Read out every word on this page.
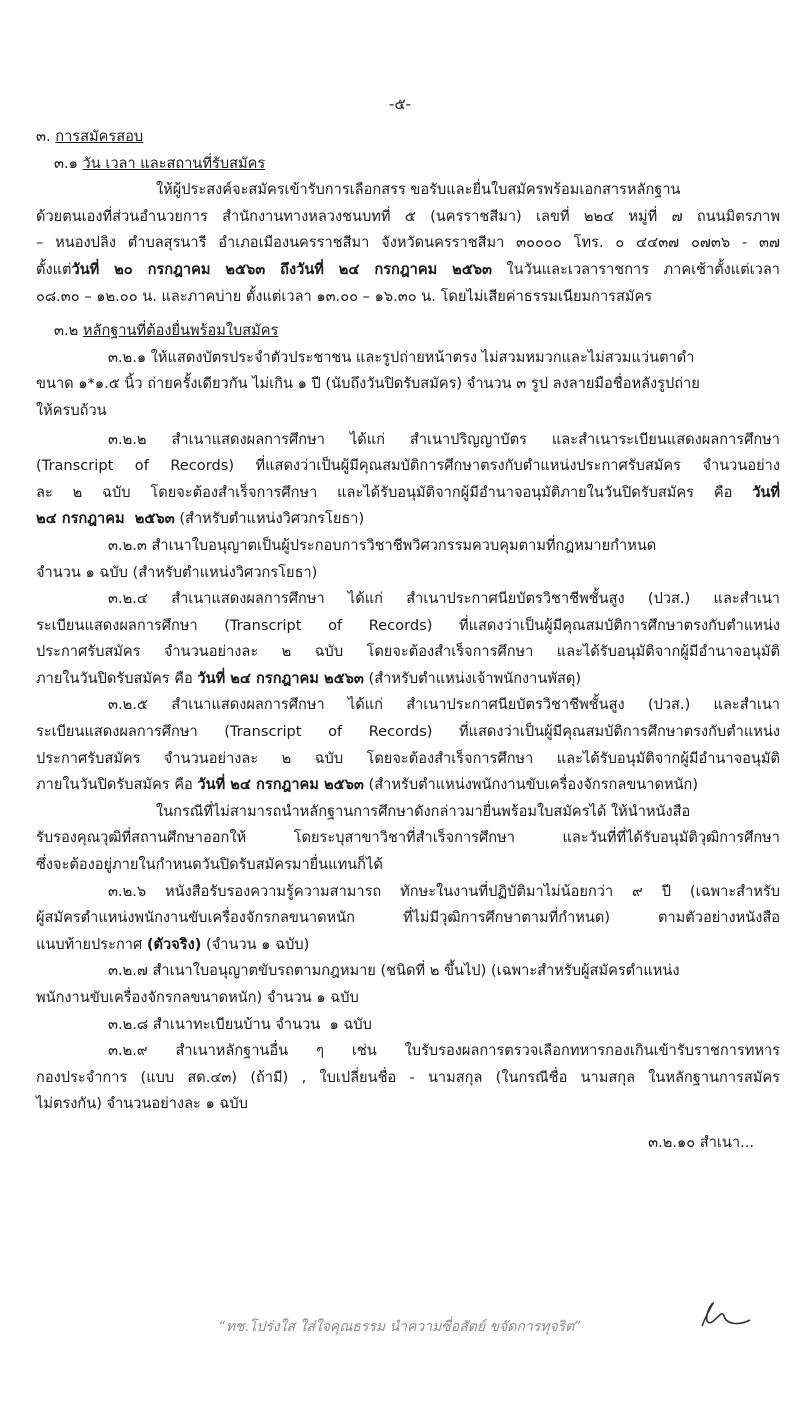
-๕-
๓. การสมัครสอบ
๓.๑ วัน เวลา และสถานที่รับสมัคร
ให้ผู้ประสงค์จะสมัครเข้ารับการเลือกสรร ขอรับและยื่นใบสมัครพร้อมเอกสารหลักฐาน
ด้วยตนเองที่ส่วนอำนวยการ สำนักงานทางหลวงชนบทที่ ๕ (นครราชสีมา) เลขที่ ๒๒๔ หมู่ที่ ๗ ถนนมิตรภาพ
– หนองปลิง ตำบลสุรนารี อำเภอเมืองนครราชสีมา จังหวัดนครราชสีมา ๓๐๐๐๐ โทร. ๐ ๔๔๓๗ ๐๗๓๖ - ๓๗
ตั้งแต่วันที่ ๒๐ กรกฎาคม ๒๕๖๓ ถึงวันที่ ๒๔ กรกฎาคม ๒๕๖๓ ในวันและเวลาราชการ ภาคเช้าตั้งแต่เวลา
๐๘.๓๐ – ๑๒.๐๐ น. และภาคบ่าย ตั้งแต่เวลา ๑๓.๐๐ – ๑๖.๓๐ น. โดยไม่เสียค่าธรรมเนียมการสมัคร
๓.๒ หลักฐานที่ต้องยื่นพร้อมใบสมัคร
๓.๒.๑ ให้แสดงบัตรประจำตัวประชาชน และรูปถ่ายหน้าตรง ไม่สวมหมวกและไม่สวมแว่นตาดำ
ขนาด ๑*๑.๕ นิ้ว ถ่ายครั้งเดียวกัน ไม่เกิน ๑ ปี (นับถึงวันปิดรับสมัคร) จำนวน ๓ รูป ลงลายมือชื่อหลังรูปถ่าย
ให้ครบถ้วน
๓.๒.๒ สำเนาแสดงผลการศึกษา ได้แก่ สำเนาปริญญาบัตร และสำเนาระเบียนแสดงผลการศึกษา
(Transcript of Records) ที่แสดงว่าเป็นผู้มีคุณสมบัติการศึกษาตรงกับตำแหน่งประกาศรับสมัคร จำนวนอย่าง
ละ ๒ ฉบับ โดยจะต้องสำเร็จการศึกษา และได้รับอนุมัติจากผู้มีอำนาจอนุมัติภายในวันปิดรับสมัคร คือ วันที่
๒๔ กรกฎาคม  ๒๕๖๓ (สำหรับตำแหน่งวิศวกรโยธา)
๓.๒.๓ สำเนาใบอนุญาตเป็นผู้ประกอบการวิชาชีพวิศวกรรมควบคุมตามที่กฎหมายกำหนด
จำนวน ๑ ฉบับ (สำหรับตำแหน่งวิศวกรโยธา)
๓.๒.๔ สำเนาแสดงผลการศึกษา ได้แก่ สำเนาประกาศนียบัตรวิชาชีพชั้นสูง (ปวส.) และสำเนา
ระเบียนแสดงผลการศึกษา (Transcript of Records) ที่แสดงว่าเป็นผู้มีคุณสมบัติการศึกษาตรงกับตำแหน่ง
ประกาศรับสมัคร จำนวนอย่างละ ๒ ฉบับ โดยจะต้องสำเร็จการศึกษา และได้รับอนุมัติจากผู้มีอำนาจอนุมัติ
ภายในวันปิดรับสมัคร คือ วันที่ ๒๔ กรกฎาคม ๒๕๖๓ (สำหรับตำแหน่งเจ้าพนักงานพัสดุ)
๓.๒.๕ สำเนาแสดงผลการศึกษา ได้แก่ สำเนาประกาศนียบัตรวิชาชีพชั้นสูง (ปวส.) และสำเนา
ระเบียนแสดงผลการศึกษา (Transcript of Records) ที่แสดงว่าเป็นผู้มีคุณสมบัติการศึกษาตรงกับตำแหน่ง
ประกาศรับสมัคร จำนวนอย่างละ ๒ ฉบับ โดยจะต้องสำเร็จการศึกษา และได้รับอนุมัติจากผู้มีอำนาจอนุมัติ
ภายในวันปิดรับสมัคร คือ วันที่ ๒๔ กรกฎาคม ๒๕๖๓ (สำหรับตำแหน่งพนักงานขับเครื่องจักรกลขนาดหนัก)
ในกรณีที่ไม่สามารถนำหลักฐานการศึกษาดังกล่าวมายื่นพร้อมใบสมัครได้ ให้นำหนังสือ
รับรองคุณวุฒิที่สถานศึกษาออกให้ โดยระบุสาขาวิชาที่สำเร็จการศึกษา และวันที่ที่ได้รับอนุมัติวุฒิการศึกษา
ซึ่งจะต้องอยู่ภายในกำหนดวันปิดรับสมัครมายื่นแทนก็ได้
๓.๒.๖ หนังสือรับรองความรู้ความสามารถ ทักษะในงานที่ปฏิบัติมาไม่น้อยกว่า ๙ ปี (เฉพาะสำหรับ
ผู้สมัครตำแหน่งพนักงานขับเครื่องจักรกลขนาดหนัก ที่ไม่มีวุฒิการศึกษาตามที่กำหนด) ตามตัวอย่างหนังสือ
แนบท้ายประกาศ (ตัวจริง) (จำนวน ๑ ฉบับ)
๓.๒.๗ สำเนาใบอนุญาตขับรถตามกฎหมาย (ชนิดที่ ๒ ขึ้นไป) (เฉพาะสำหรับผู้สมัครตำแหน่ง
พนักงานขับเครื่องจักรกลขนาดหนัก) จำนวน ๑ ฉบับ
๓.๒.๘ สำเนาทะเบียนบ้าน จำนวน  ๑ ฉบับ
๓.๒.๙ สำเนาหลักฐานอื่น ๆ เช่น ใบรับรองผลการตรวจเลือกทหารกองเกินเข้ารับราชการทหาร
กองประจำการ (แบบ สด.๔๓) (ถ้ามี) , ใบเปลี่ยนชื่อ - นามสกุล (ในกรณีชื่อ นามสกุล ในหลักฐานการสมัคร
ไม่ตรงกัน) จำนวนอย่างละ ๑ ฉบับ
๓.๒.๑๐ สำเนา...
“ทช.โปร่งใส ใส่ใจคุณธรรม นำความซื่อสัตย์ ขจัดการทุจริต”
